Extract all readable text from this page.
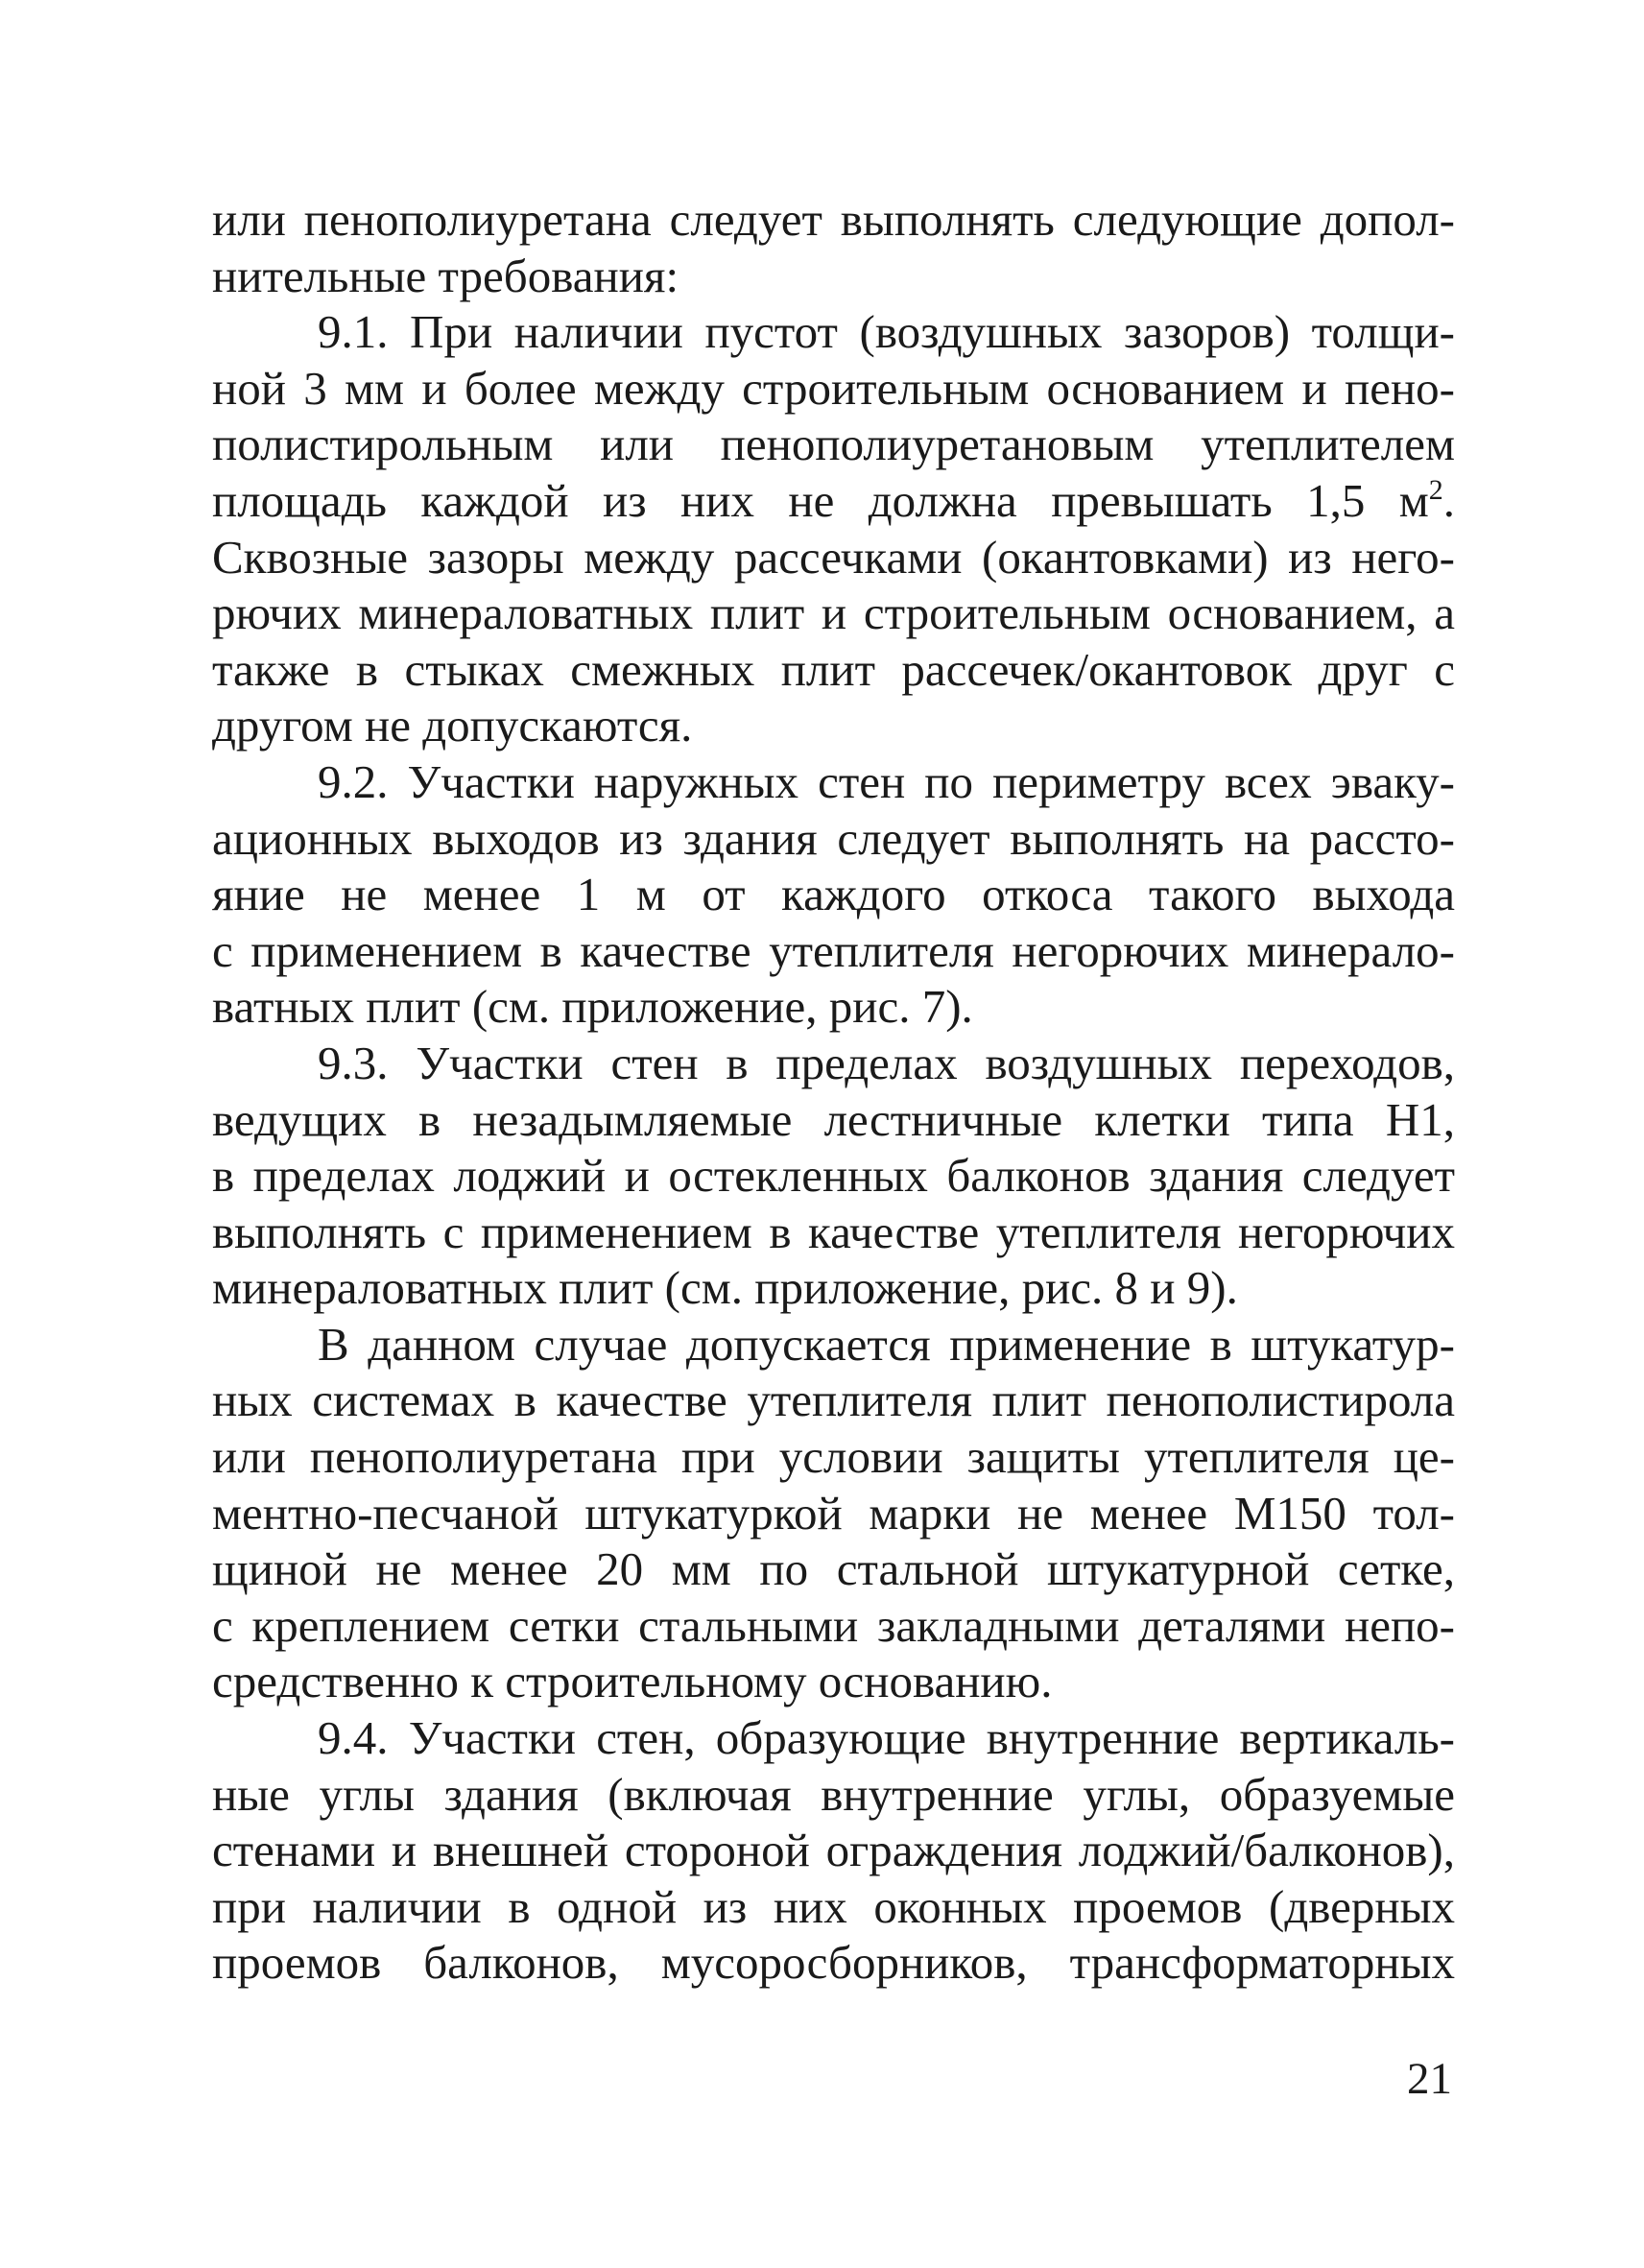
или пенополиуретана следует выполнять следующие допол-
нительные требования:
9.1. При наличии пустот (воздушных зазоров) толщи-
ной 3 мм и более между строительным основанием и пено-
полистирольным или пенополиуретановым утеплителем
площадь каждой из них не должна превышать 1,5 $м^2$.
Сквозные зазоры между рассечками (окантовками) из него-
рючих минераловатных плит и строительным основанием, а
также в стыках смежных плит рассечек/окантовок друг с
другом не допускаются.
9.2. Участки наружных стен по периметру всех эваку-
ационных выходов из здания следует выполнять на рассто-
яние не менее 1 м от каждого откоса такого выхода
с применением в качестве утеплителя негорючих минерало-
ватных плит (см. приложение, рис. 7).
9.3. Участки стен в пределах воздушных переходов,
ведущих в незадымляемые лестничные клетки типа Н1,
в пределах лоджий и остекленных балконов здания следует
выполнять с применением в качестве утеплителя негорючих
минераловатных плит (см. приложение, рис. 8 и 9).
В данном случае допускается применение в штукатур-
ных системах в качестве утеплителя плит пенополистирола
или пенополиуретана при условии защиты утеплителя це-
ментно-песчаной штукатуркой марки не менее М150 тол-
щиной не менее 20 мм по стальной штукатурной сетке,
с креплением сетки стальными закладными деталями непо-
средственно к строительному основанию.
9.4. Участки стен, образующие внутренние вертикаль-
ные углы здания (включая внутренние углы, образуемые
стенами и внешней стороной ограждения лоджий/балконов),
при наличии в одной из них оконных проемов (дверных
проемов балконов, мусоросборников, трансформаторных
21
